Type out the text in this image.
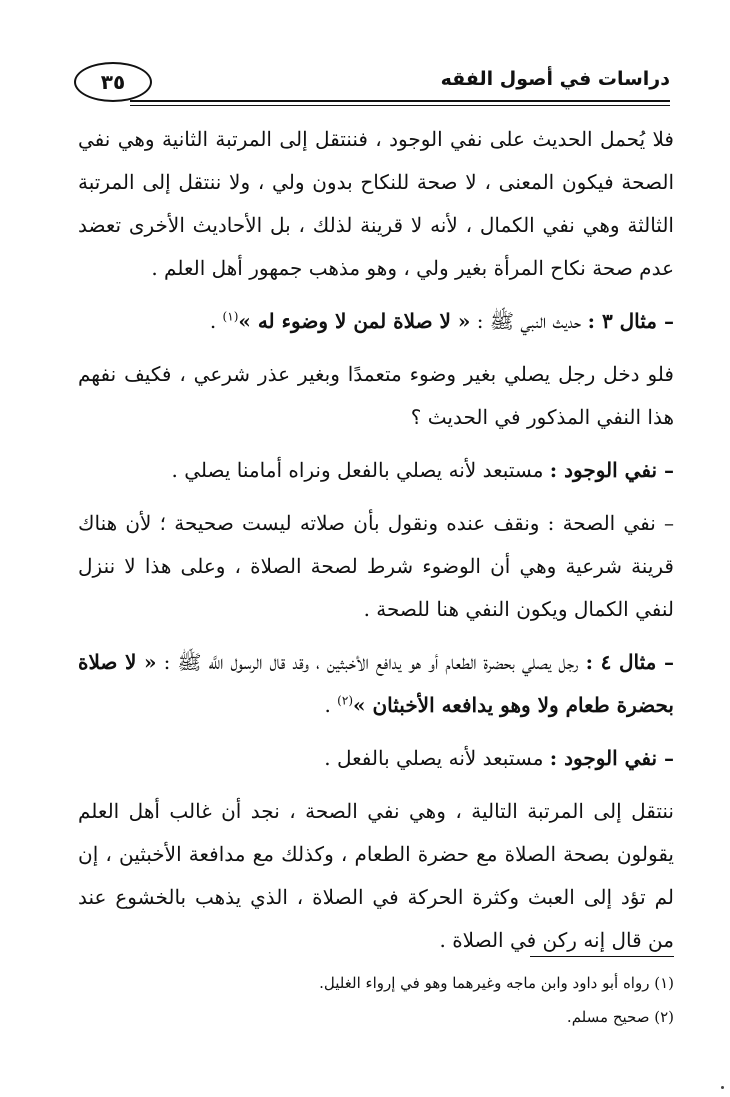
دراسات في أصول الفقه
٣٥

فلا يُحمل الحديث على نفي الوجود ، فننتقل إلى المرتبة الثانية وهي نفي الصحة فيكون المعنى ، لا صحة للنكاح بدون ولي ، ولا ننتقل إلى المرتبة الثالثة وهي نفي الكمال ، لأنه لا قرينة لذلك ، بل الأحاديث الأخرى تعضد عدم صحة نكاح المرأة بغير ولي ، وهو مذهب جمهور أهل العلم .

– مثال ٣ : حديث النبي ﷺ : « لا صلاة لمن لا وضوء له »$^{(١)}$ .

فلو دخل رجل يصلي بغير وضوء متعمدًا وبغير عذر شرعي ، فكيف نفهم هذا النفي المذكور في الحديث ؟

– نفي الوجود : مستبعد لأنه يصلي بالفعل ونراه أمامنا يصلي .

– نفي الصحة : ونقف عنده ونقول بأن صلاته ليست صحيحة ؛ لأن هناك قرينة شرعية وهي أن الوضوء شرط لصحة الصلاة ، وعلى هذا لا ننزل لنفي الكمال ويكون النفي هنا للصحة .

– مثال ٤ : رجل يصلي بحضرة الطعام أو هو يدافع الأخبثين ، وقد قال الرسول اللَّه ﷺ : « لا صلاة بحضرة طعام ولا وهو يدافعه الأخبثان »$^{(٢)}$ .

– نفي الوجود : مستبعد لأنه يصلي بالفعل .

ننتقل إلى المرتبة التالية ، وهي نفي الصحة ، نجد أن غالب أهل العلم يقولون بصحة الصلاة مع حضرة الطعام ، وكذلك مع مدافعة الأخبثين ، إن لم تؤد إلى العبث وكثرة الحركة في الصلاة ، الذي يذهب بالخشوع عند من قال إنه ركن في الصلاة .

(١) رواه أبو داود وابن ماجه وغيرهما وهو في إرواء الغليل.

(٢) صحيح مسلم.
